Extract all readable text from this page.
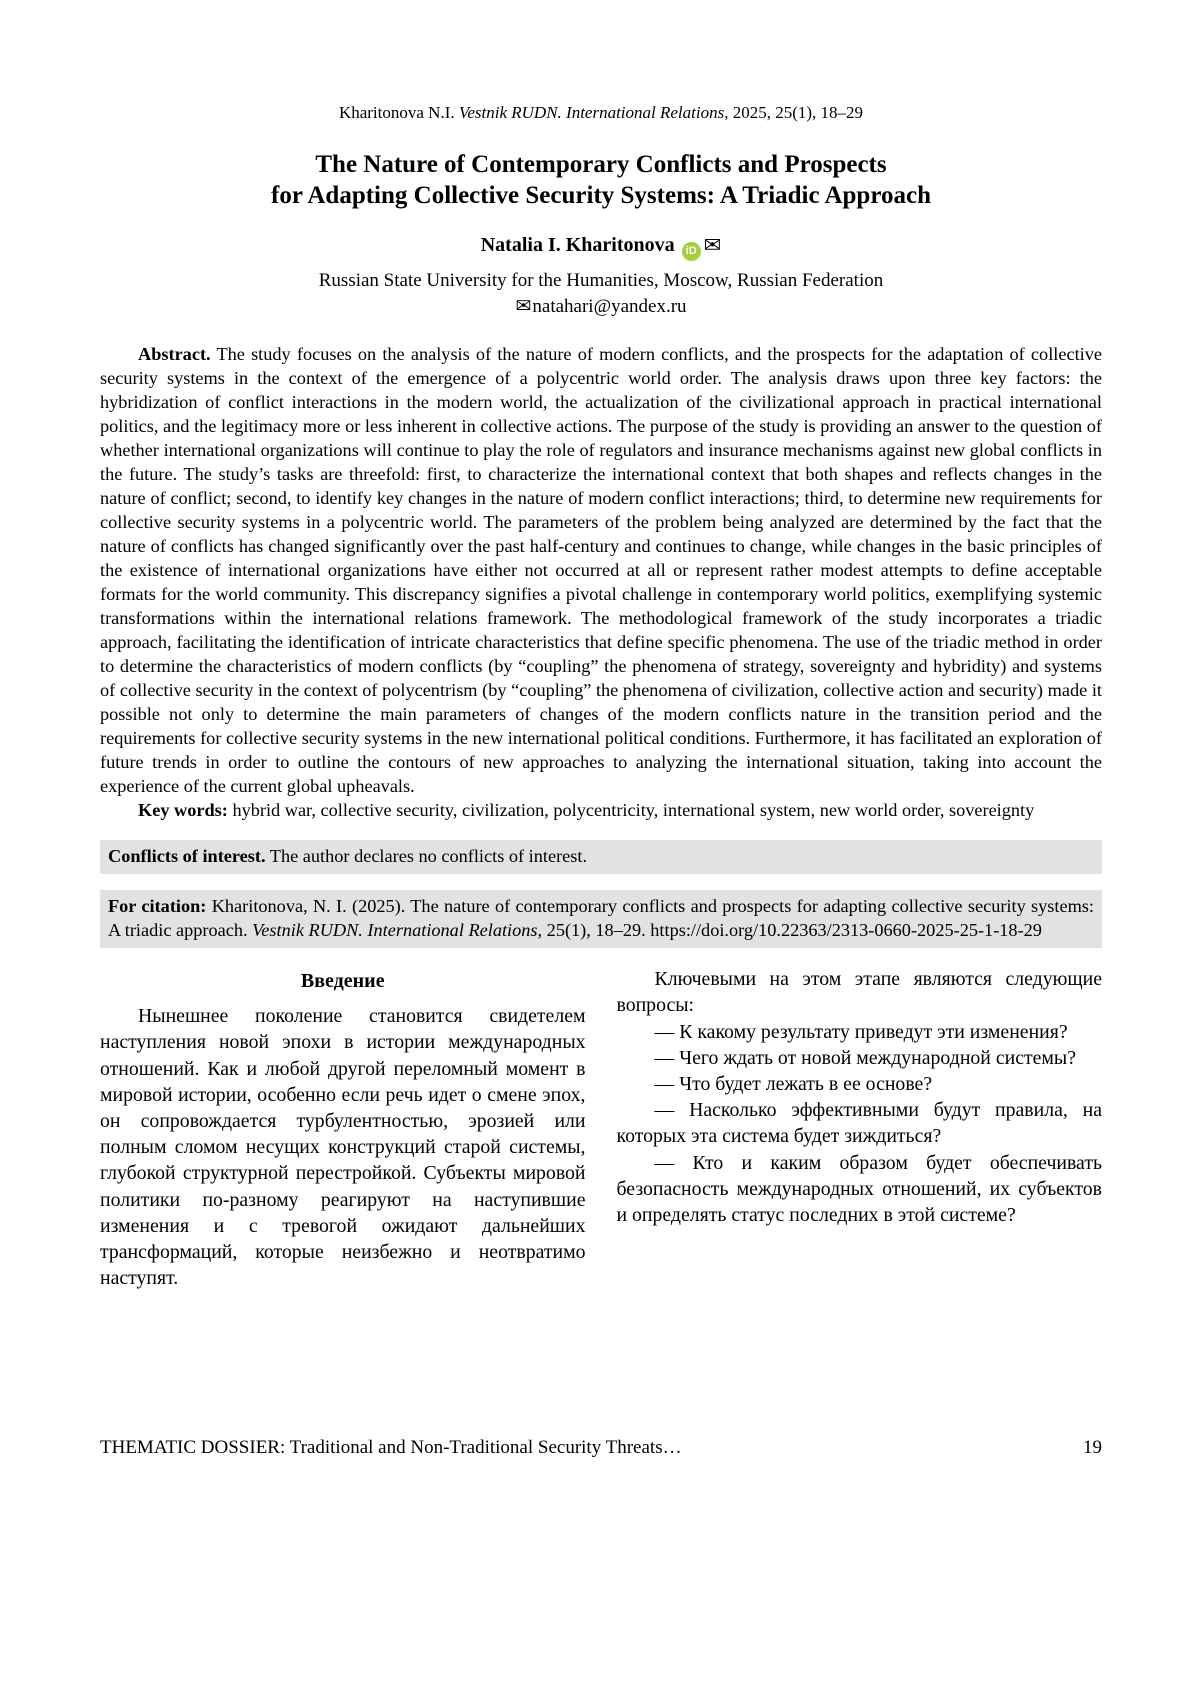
Kharitonova N.I. Vestnik RUDN. International Relations, 2025, 25(1), 18–29
The Nature of Contemporary Conflicts and Prospects
for Adapting Collective Security Systems: A Triadic Approach
Natalia I. Kharitonova iD ✉
Russian State University for the Humanities, Moscow, Russian Federation
✉natahari@yandex.ru

Abstract. The study focuses on the analysis of the nature of modern conflicts, and the prospects for the adaptation of collective security systems in the context of the emergence of a polycentric world order. The analysis draws upon three key factors: the hybridization of conflict interactions in the modern world, the actualization of the civilizational approach in practical international politics, and the legitimacy more or less inherent in collective actions. The purpose of the study is providing an answer to the question of whether international organizations will continue to play the role of regulators and insurance mechanisms against new global conflicts in the future. The study’s tasks are threefold: first, to characterize the international context that both shapes and reflects changes in the nature of conflict; second, to identify key changes in the nature of modern conflict interactions; third, to determine new requirements for collective security systems in a polycentric world. The parameters of the problem being analyzed are determined by the fact that the nature of conflicts has changed significantly over the past half-century and continues to change, while changes in the basic principles of the existence of international organizations have either not occurred at all or represent rather modest attempts to define acceptable formats for the world community. This discrepancy signifies a pivotal challenge in contemporary world politics, exemplifying systemic transformations within the international relations framework. The methodological framework of the study incorporates a triadic approach, facilitating the identification of intricate characteristics that define specific phenomena. The use of the triadic method in order to determine the characteristics of modern conflicts (by “coupling” the phenomena of strategy, sovereignty and hybridity) and systems of collective security in the context of polycentrism (by “coupling” the phenomena of civilization, collective action and security) made it possible not only to determine the main parameters of changes of the modern conflicts nature in the transition period and the requirements for collective security systems in the new international political conditions. Furthermore, it has facilitated an exploration of future trends in order to outline the contours of new approaches to analyzing the international situation, taking into account the experience of the current global upheavals.

Key words: hybrid war, collective security, civilization, polycentricity, international system, new world order, sovereignty

Conflicts of interest. The author declares no conflicts of interest.
For citation: Kharitonova, N. I. (2025). The nature of contemporary conflicts and prospects for adapting collective security systems: A triadic approach. Vestnik RUDN. International Relations, 25(1), 18–29. https://doi.org/10.22363/2313-0660-2025-25-1-18-29
Введение

Нынешнее поколение становится свидетелем наступления новой эпохи в истории международных отношений. Как и любой другой переломный момент в мировой истории, особенно если речь идет о смене эпох, он сопровождается турбулентностью, эрозией или полным сломом несущих конструкций старой системы, глубокой структурной перестройкой. Субъекты мировой политики по-разному реагируют на наступившие изменения и с тревогой ожидают дальнейших трансформаций, которые неизбежно и неотвратимо наступят.

Ключевыми на этом этапе являются следующие вопросы:

— К какому результату приведут эти изменения?

— Чего ждать от новой международной системы?

— Что будет лежать в ее основе?

— Насколько эффективными будут правила, на которых эта система будет зиждиться?

— Кто и каким образом будет обеспечивать безопасность международных отношений, их субъектов и определять статус последних в этой системе?

THEMATIC DOSSIER: Traditional and Non-Traditional Security Threats…	19
